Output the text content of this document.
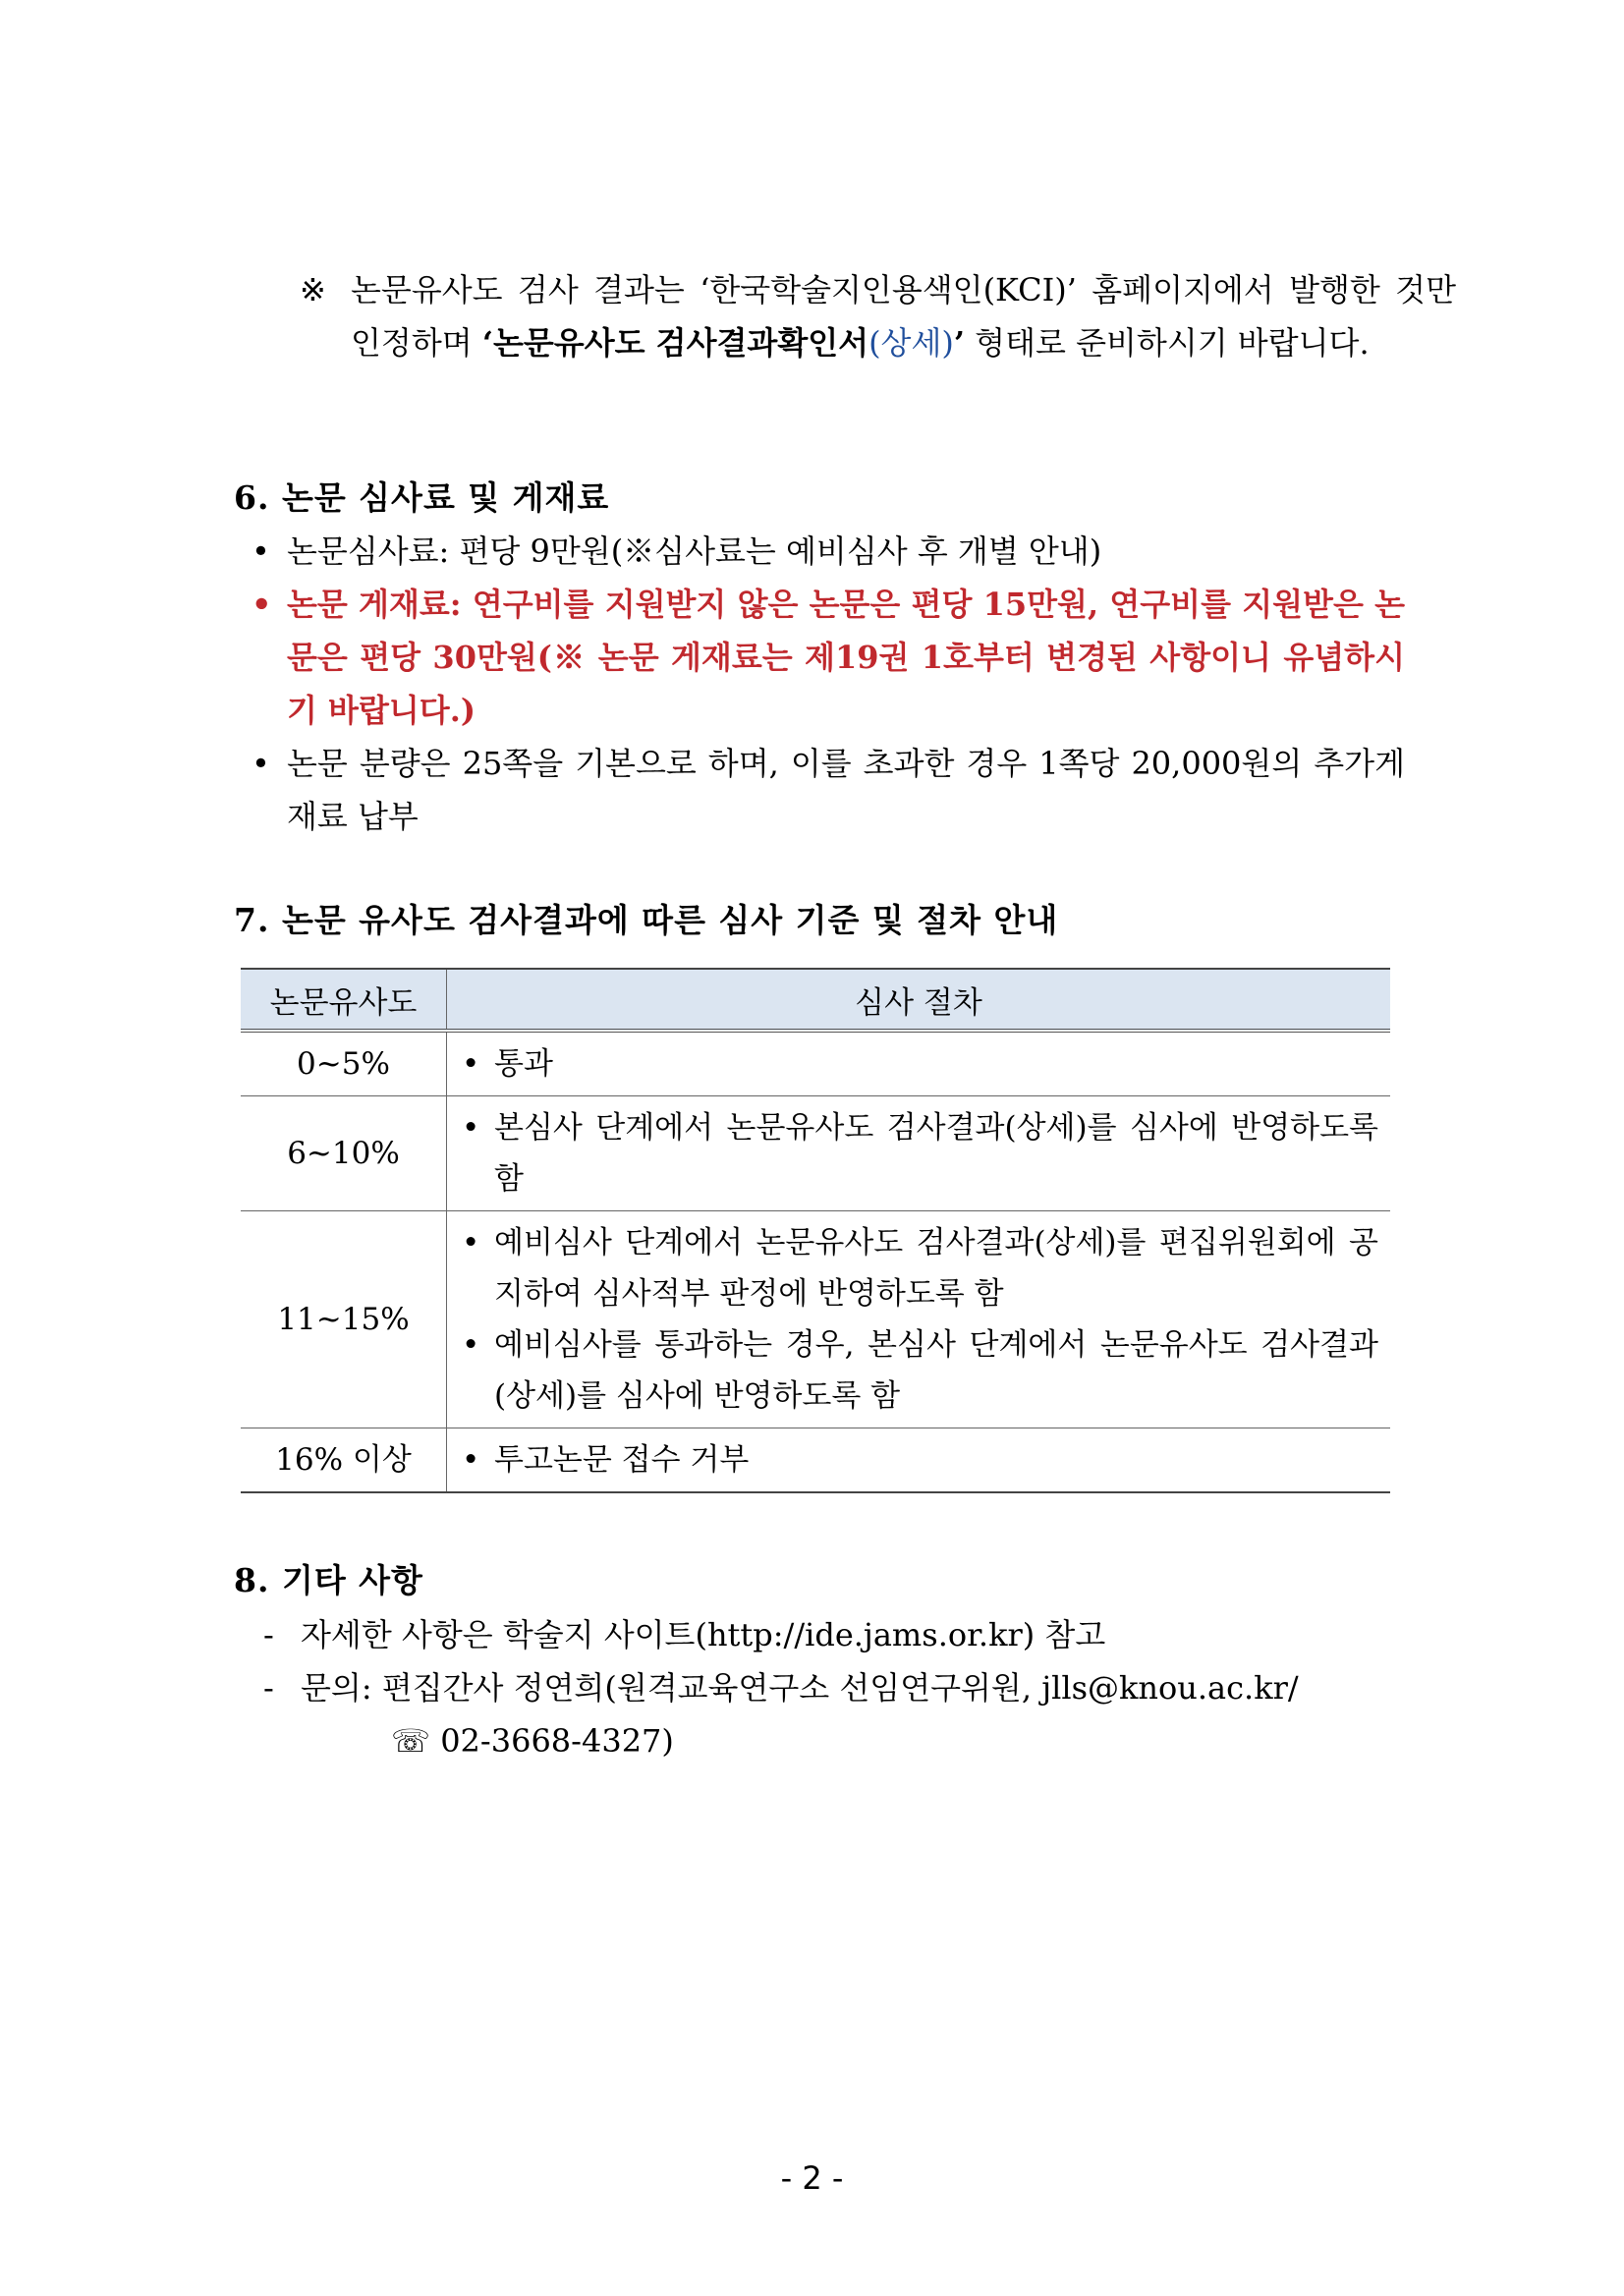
※ 논문유사도 검사 결과는 ‘한국학술지인용색인(KCI)’ 홈페이지에서 발행한 것만 인정하며 ‘논문유사도 검사결과확인서(상세)’ 형태로 준비하시기 바랍니다.
6. 논문 심사료 및 게재료
• 논문심사료: 편당 9만원(※심사료는 예비심사 후 개별 안내)
• 논문 게재료: 연구비를 지원받지 않은 논문은 편당 15만원, 연구비를 지원받은 논문은 편당 30만원(※ 논문 게재료는 제19권 1호부터 변경된 사항이니 유념하시기 바랍니다.)
• 논문 분량은 25쪽을 기본으로 하며, 이를 초과한 경우 1쪽당 20,000원의 추가게재료 납부
7. 논문 유사도 검사결과에 따른 심사 기준 및 절차 안내
논문유사도	심사 절차
0~5%	• 통과

6~10%	• 본심사 단계에서 논문유사도 검사결과(상세)를 심사에 반영하도록 함

11~15%	• 예비심사 단계에서 논문유사도 검사결과(상세)를 편집위원회에 공지하여 심사적부 판정에 반영하도록 함
• 예비심사를 통과하는 경우, 본심사 단계에서 논문유사도 검사결과(상세)를 심사에 반영하도록 함

16% 이상	• 투고논문 접수 거부
8. 기타 사항
- 자세한 사항은 학술지 사이트(http://ide.jams.or.kr) 참고
- 문의: 편집간사 정연희(원격교육연구소 선임연구위원, jlls@knou.ac.kr/
☏ 02-3668-4327)
- 2 -
